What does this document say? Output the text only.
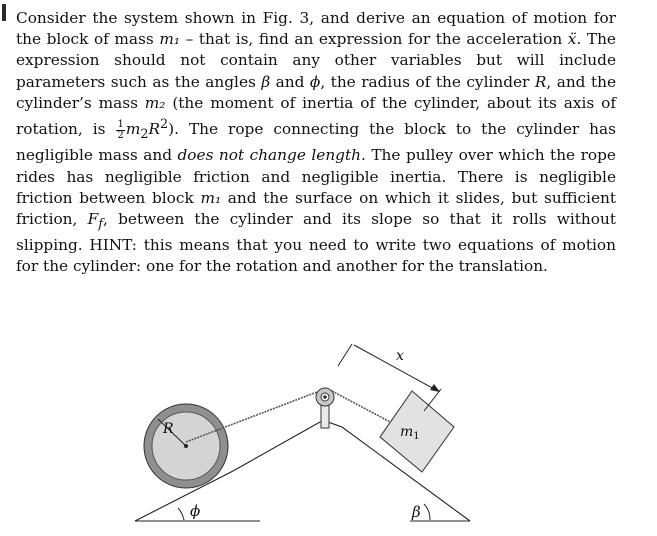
Consider the system shown in Fig. 3, and derive an equation of motion for the block of mass m₁ – that is, find an expression for the acceleration ẍ. The expression should not contain any other variables but will include parameters such as the angles β and ϕ, the radius of the cylinder R, and the cylinder’s mass m₂ (the moment of inertia of the cylinder, about its axis of rotation, is $\frac{1}{2} m_2R^2$). The rope connecting the block to the cylinder has negligible mass and does not change length. The pulley over which the rope rides has negligible friction and negligible inertia. There is negligible friction between block m₁ and the surface on which it slides, but sufficient friction, $F_f$, between the cylinder and its slope so that it rolls without slipping. HINT: this means that you need to write two equations of motion for the cylinder: one for the rotation and another for the translation.

R	$m_1$
x
ϕ	β
